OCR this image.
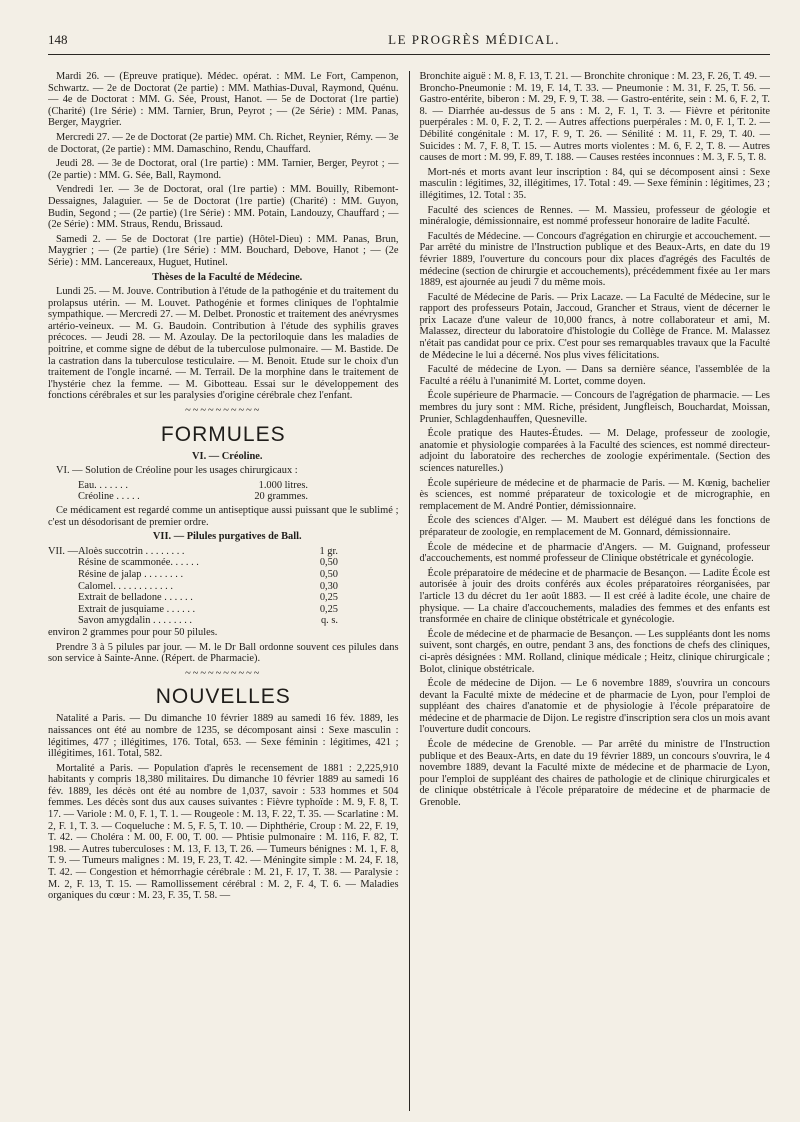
148	LE PROGRÈS MÉDICAL.

Mardi 26. — (Épreuve pratique). Médec. opérat. : MM. Le Fort, Campenon, Schwartz. — 2e de Doctorat (2e partie) : MM. Mathias-Duval, Raymond, Quénu. — 4e de Doctorat : MM. G. Sée, Proust, Hanot. — 5e de Doctorat (1re partie) (Charité) (1re Série) : MM. Tarnier, Brun, Peyrot ; — (2e Série) : MM. Panas, Berger, Maygrier.

Mercredi 27. — 2e de Doctorat (2e partie) MM. Ch. Richet, Reynier, Rémy. — 3e de Doctorat, (2e partie) : MM. Damaschino, Rendu, Chauffard.

Jeudi 28. — 3e de Doctorat, oral (1re partie) : MM. Tarnier, Berger, Peyrot ; — (2e partie) : MM. G. Sée, Ball, Raymond.

Vendredi 1er. — 3e de Doctorat, oral (1re partie) : MM. Bouilly, Ribemont-Dessaignes, Jalaguier. — 5e de Doctorat (1re partie) (Charité) : MM. Guyon, Budin, Segond ; — (2e partie) (1re Série) : MM. Potain, Landouzy, Chauffard ; — (2e Série) : MM. Straus, Rendu, Brissaud.

Samedi 2. — 5e de Doctorat (1re partie) (Hôtel-Dieu) : MM. Panas, Brun, Maygrier ; — (2e partie) (1re Série) : MM. Bouchard, Debove, Hanot ; — (2e Série) : MM. Lancereaux, Huguet, Hutinel.

Thèses de la Faculté de Médecine.

Lundi 25. — M. Jouve. Contribution à l'étude de la pathogénie et du traitement du prolapsus utérin. — M. Louvet. Pathogénie et formes cliniques de l'ophtalmie sympathique. — Mercredi 27. — M. Delbet. Pronostic et traitement des anévrysmes artério-veineux. — M. G. Baudoin. Contribution à l'étude des syphilis graves précoces. — Jeudi 28. — M. Azoulay. De la pectoriloquie dans les maladies de poitrine, et comme signe de début de la tuberculose pulmonaire. — M. Bastide. De la castration dans la tuberculose testiculaire. — M. Benoit. Etude sur le choix d'un traitement de l'ongle incarné. — M. Terrail. De la morphine dans le traitement de l'hystérie chez la femme. — M. Gibotteau. Essai sur le développement des fonctions cérébrales et sur les paralysies d'origine cérébrale chez l'enfant.

~~~~~~~~~~
FORMULES

VI. — Créoline.

VI. — Solution de Créoline pour les usages chirurgicaux :

Eau. . . . . . .	1.000 litres.
Créoline . . . . .	20 grammes.

Ce médicament est regardé comme un antiseptique aussi puissant que le sublimé ; c'est un désodorisant de premier ordre.

VII. — Pilules purgatives de Ball.

VII. — Aloès succotrin . . . . . . . .	1 gr.
Résine de scammonée. . . . . .	0,50
Résine de jalap . . . . . . . .	0,50
Calomel. . . . . . . . . . . .	0,30
Extrait de belladone . . . . . .	0,25
Extrait de jusquiame . . . . . .	0,25
Savon amygdalin . . . . . . . .	q. s.

environ 2 grammes pour pour 50 pilules.

Prendre 3 à 5 pilules par jour. — M. le Dr Ball ordonne souvent ces pilules dans son service à Sainte-Anne. (Répert. de Pharmacie).

~~~~~~~~~~
NOUVELLES

Natalité a Paris. — Du dimanche 10 février 1889 au samedi 16 fév. 1889, les naissances ont été au nombre de 1235, se décomposant ainsi : Sexe masculin : légitimes, 477 ; illégitimes, 176. Total, 653. — Sexe féminin : légitimes, 421 ; illégitimes, 161. Total, 582.

Mortalité a Paris. — Population d'après le recensement de 1881 : 2,225,910 habitants y compris 18,380 militaires. Du dimanche 10 février 1889 au samedi 16 fév. 1889, les décès ont été au nombre de 1,037, savoir : 533 hommes et 504 femmes. Les décès sont dus aux causes suivantes : Fièvre typhoïde : M. 9, F. 8, T. 17. — Variole : M. 0, F. 1, T. 1. — Rougeole : M. 13, F. 22, T. 35. — Scarlatine : M. 2, F. 1, T. 3. — Coqueluche : M. 5, F. 5, T. 10. — Diphthérie, Croup : M. 22, F. 19, T. 42. — Choléra : M. 00, F. 00, T. 00. — Phtisie pulmonaire : M. 116, F. 82, T. 198. — Autres tuberculoses : M. 13, F. 13, T. 26. — Tumeurs bénignes : M. 1, F. 8, T. 9. — Tumeurs malignes : M. 19, F. 23, T. 42. — Méningite simple : M. 24, F. 18, T. 42. — Congestion et hémorrhagie cérébrale : M. 21, F. 17, T. 38. — Paralysie : M. 2, F. 13, T. 15. — Ramollissement cérébral : M. 2, F. 4, T. 6. — Maladies organiques du cœur : M. 23, F. 35, T. 58. —

Bronchite aiguë : M. 8, F. 13, T. 21. — Bronchite chronique : M. 23, F. 26, T. 49. — Broncho-Pneumonie : M. 19, F. 14, T. 33. — Pneumonie : M. 31, F. 25, T. 56. — Gastro-entérite, biberon : M. 29, F. 9, T. 38. — Gastro-entérite, sein : M. 6, F. 2, T. 8. — Diarrhée au-dessus de 5 ans : M. 2, F. 1, T. 3. — Fièvre et péritonite puerpérales : M. 0, F. 2, T. 2. — Autres affections puerpérales : M. 0, F. 1, T. 2. — Débilité congénitale : M. 17, F. 9, T. 26. — Sénilité : M. 11, F. 29, T. 40. — Suicides : M. 7, F. 8, T. 15. — Autres morts violentes : M. 6, F. 2, T. 8. — Autres causes de mort : M. 99, F. 89, T. 188. — Causes restées inconnues : M. 3, F. 5, T. 8.

Mort-nés et morts avant leur inscription : 84, qui se décomposent ainsi : Sexe masculin : légitimes, 32, illégitimes, 17. Total : 49. — Sexe féminin : légitimes, 23 ; illégitimes, 12. Total : 35.

Faculté des sciences de Rennes. — M. Massieu, professeur de géologie et minéralogie, démissionnaire, est nommé professeur honoraire de ladite Faculté.

Facultés de Médecine. — Concours d'agrégation en chirurgie et accouchement. — Par arrêté du ministre de l'Instruction publique et des Beaux-Arts, en date du 19 février 1889, l'ouverture du concours pour dix places d'agrégés des Facultés de médecine (section de chirurgie et accouchements), précédemment fixée au 1er mars 1889, est ajournée au jeudi 7 du même mois.

Faculté de Médecine de Paris. — Prix Lacaze. — La Faculté de Médecine, sur le rapport des professeurs Potain, Jaccoud, Grancher et Straus, vient de décerner le prix Lacaze d'une valeur de 10,000 francs, à notre collaborateur et ami, M. Malassez, directeur du laboratoire d'histologie du Collège de France. M. Malassez n'était pas candidat pour ce prix. C'est pour ses remarquables travaux que la Faculté de Médecine le lui a décerné. Nos plus vives félicitations.

Faculté de médecine de Lyon. — Dans sa dernière séance, l'assemblée de la Faculté a réélu à l'unanimité M. Lortet, comme doyen.

École supérieure de Pharmacie. — Concours de l'agrégation de pharmacie. — Les membres du jury sont : MM. Riche, président, Jungfleisch, Bouchardat, Moissan, Prunier, Schlagdenhauffen, Quesneville.

École pratique des Hautes-Études. — M. Delage, professeur de zoologie, anatomie et physiologie comparées à la Faculté des sciences, est nommé directeur-adjoint du laboratoire des recherches de zoologie expérimentale. (Section des sciences naturelles.)

École supérieure de médecine et de pharmacie de Paris. — M. Kœnig, bachelier ès sciences, est nommé préparateur de toxicologie et de micrographie, en remplacement de M. André Pontier, démissionnaire.

École des sciences d'Alger. — M. Maubert est délégué dans les fonctions de préparateur de zoologie, en remplacement de M. Gonnard, démissionnaire.

École de médecine et de pharmacie d'Angers. — M. Guignand, professeur d'accouchements, est nommé professeur de Clinique obstétricale et gynécologie.

École préparatoire de médecine et de pharmacie de Besançon. — Ladite École est autorisée à jouir des droits conférés aux écoles préparatoires réorganisées, par l'article 13 du décret du 1er août 1883. — Il est créé à ladite école, une chaire de physique. — La chaire d'accouchements, maladies des femmes et des enfants est transformée en chaire de clinique obstétricale et gynécologie.

École de médecine et de pharmacie de Besançon. — Les suppléants dont les noms suivent, sont chargés, en outre, pendant 3 ans, des fonctions de chefs des cliniques, ci-après désignées : MM. Rolland, clinique médicale ; Heitz, clinique chirurgicale ; Bolot, clinique obstétricale.

École de médecine de Dijon. — Le 6 novembre 1889, s'ouvrira un concours devant la Faculté mixte de médecine et de pharmacie de Lyon, pour l'emploi de suppléant des chaires d'anatomie et de physiologie à l'école préparatoire de médecine et de pharmacie de Dijon. Le registre d'inscription sera clos un mois avant l'ouverture dudit concours.

École de médecine de Grenoble. — Par arrêté du ministre de l'Instruction publique et des Beaux-Arts, en date du 19 février 1889, un concours s'ouvrira, le 4 novembre 1889, devant la Faculté mixte de médecine et de pharmacie de Lyon, pour l'emploi de suppléant des chaires de pathologie et de clinique chirurgicales et de clinique obstétricale à l'école préparatoire de médecine et de pharmacie de Grenoble.
